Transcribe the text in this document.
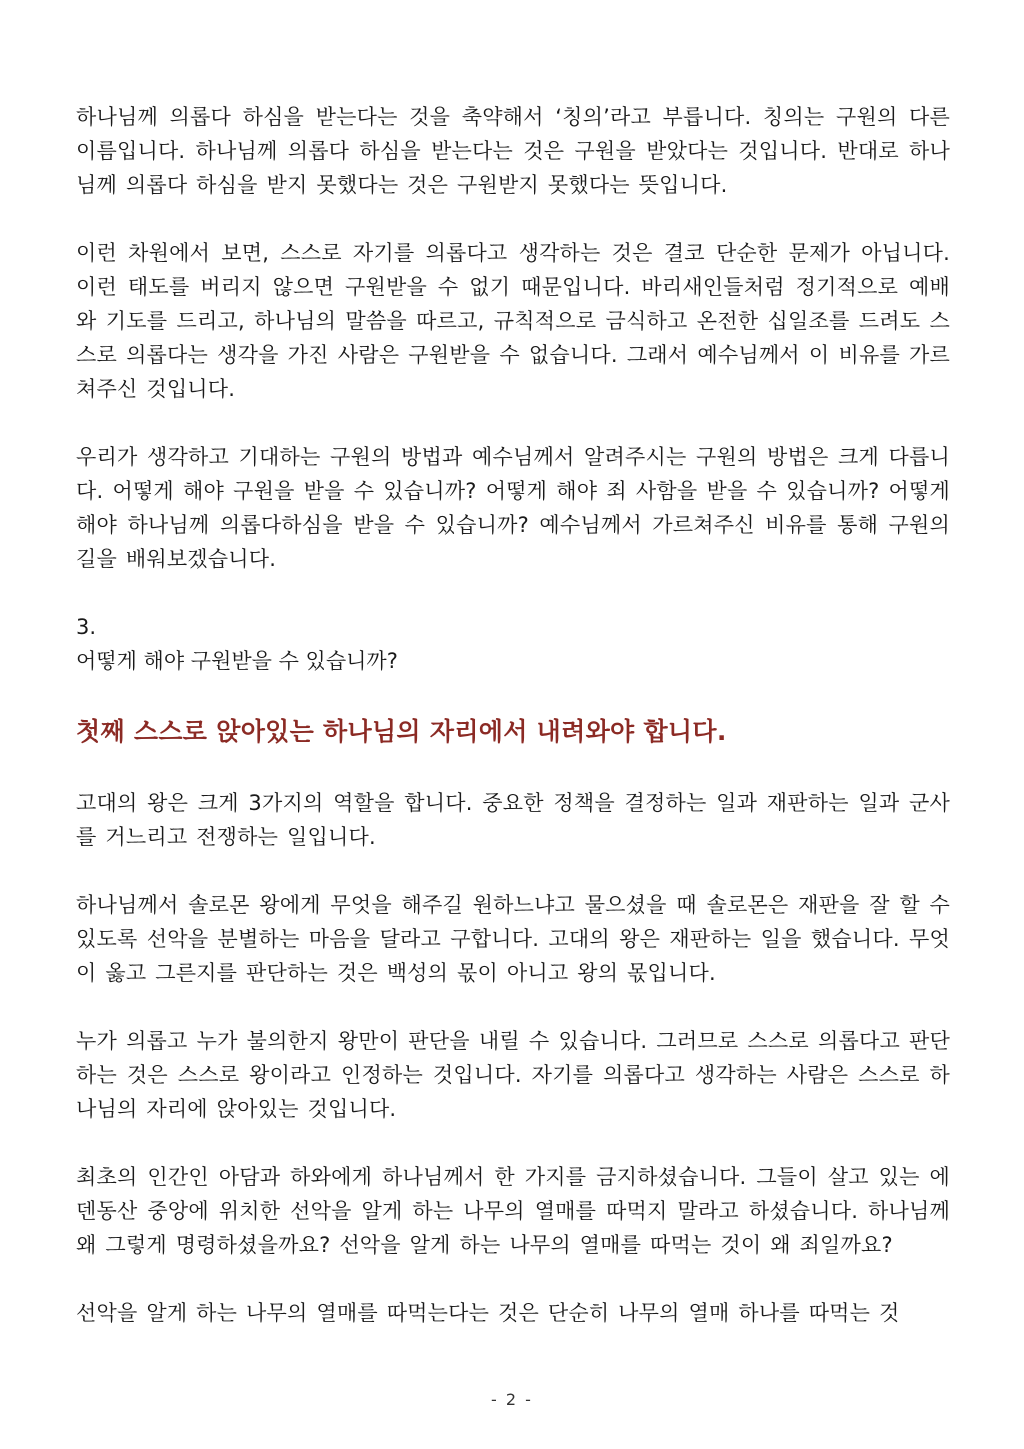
하나님께 의롭다 하심을 받는다는 것을 축약해서 ‘칭의’라고 부릅니다. 칭의는 구원의 다른 이름입니다. 하나님께 의롭다 하심을 받는다는 것은 구원을 받았다는 것입니다. 반대로 하나님께 의롭다 하심을 받지 못했다는 것은 구원받지 못했다는 뜻입니다.

이런 차원에서 보면, 스스로 자기를 의롭다고 생각하는 것은 결코 단순한 문제가 아닙니다. 이런 태도를 버리지 않으면 구원받을 수 없기 때문입니다. 바리새인들처럼 정기적으로 예배와 기도를 드리고, 하나님의 말씀을 따르고, 규칙적으로 금식하고 온전한 십일조를 드려도 스스로 의롭다는 생각을 가진 사람은 구원받을 수 없습니다. 그래서 예수님께서 이 비유를 가르쳐주신 것입니다.

우리가 생각하고 기대하는 구원의 방법과 예수님께서 알려주시는 구원의 방법은 크게 다릅니다. 어떻게 해야 구원을 받을 수 있습니까? 어떻게 해야 죄 사함을 받을 수 있습니까? 어떻게 해야 하나님께 의롭다하심을 받을 수 있습니까? 예수님께서 가르쳐주신 비유를 통해 구원의 길을 배워보겠습니다.

3.
어떻게 해야 구원받을 수 있습니까?
첫째 스스로 앉아있는 하나님의 자리에서 내려와야 합니다.

고대의 왕은 크게 3가지의 역할을 합니다. 중요한 정책을 결정하는 일과 재판하는 일과 군사를 거느리고 전쟁하는 일입니다.

하나님께서 솔로몬 왕에게 무엇을 해주길 원하느냐고 물으셨을 때 솔로몬은 재판을 잘 할 수 있도록 선악을 분별하는 마음을 달라고 구합니다. 고대의 왕은 재판하는 일을 했습니다. 무엇이 옳고 그른지를 판단하는 것은 백성의 몫이 아니고 왕의 몫입니다.

누가 의롭고 누가 불의한지 왕만이 판단을 내릴 수 있습니다. 그러므로 스스로 의롭다고 판단하는 것은 스스로 왕이라고 인정하는 것입니다. 자기를 의롭다고 생각하는 사람은 스스로 하나님의 자리에 앉아있는 것입니다.

최초의 인간인 아담과 하와에게 하나님께서 한 가지를 금지하셨습니다. 그들이 살고 있는 에덴동산 중앙에 위치한 선악을 알게 하는 나무의 열매를 따먹지 말라고 하셨습니다. 하나님께 왜 그렇게 명령하셨을까요? 선악을 알게 하는 나무의 열매를 따먹는 것이 왜 죄일까요?

선악을 알게 하는 나무의 열매를 따먹는다는 것은 단순히 나무의 열매 하나를 따먹는 것

- 2 -
